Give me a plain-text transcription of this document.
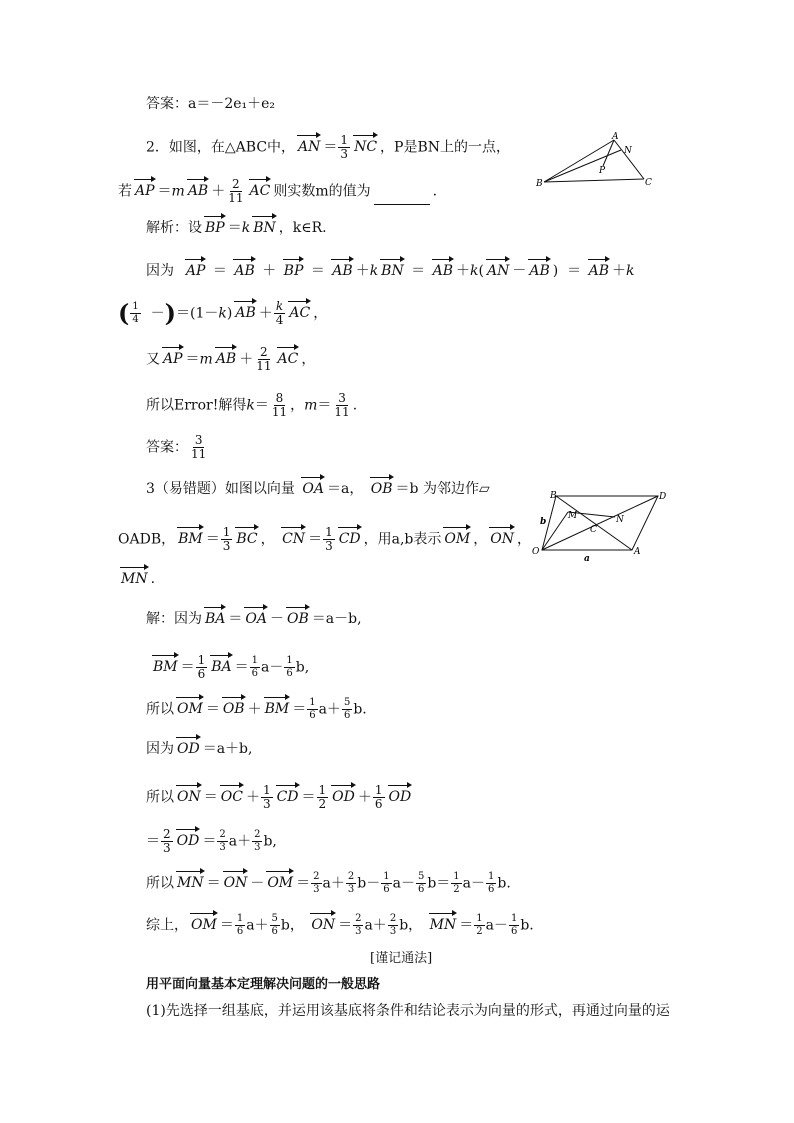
答案：a＝－2e₁＋e₂
2．如图，在△ABC中， AN ＝ $\frac{1}{3}$ NC ，P是BN上的一点，
若 AP ＝m AB ＋ $\frac{2}{11}$ AC 则实数m的值为	.
A
N
P
B	C
解析：设 BP ＝k BN ，k∈R.
因为 AP ＝ AB ＋ BP ＝ AB ＋k BN ＝ AB ＋k( AN － AB )  ＝ AB ＋k
( $\frac{1}{4} -)=(1-k)$ AB ＋ $\frac{k}{4}$ AC ，
又 AP ＝m AB ＋ $\frac{2}{11}$ AC ，
所以Error!解得$k= \frac{8}{11}$ ，$m= \frac{3}{11}$ .
答案： $\frac{3}{11}$
3（易错题）如图以向量 OA ＝a， OB ＝b 为邻边作▱
OADB， BM ＝ $\frac{1}{3}$ BC ， CN ＝ $\frac{1}{3}$ CD ，用a,b表示 OM ， ON ，
MN .
B	D
M	N
C
O	A
a
b
解：因为 BA ＝ OA － OB ＝a－b,
BM ＝ $\frac{1}{6}$ BA ＝ $\frac{1}{6} a- \frac{1}{6} b$,
所以 OM ＝ OB ＋ BM ＝ $\frac{1}{6} a+ \frac{5}{6} b$.
因为 OD ＝a＋b,
所以 ON ＝ OC ＋ $\frac{1}{3}$ CD ＝ $\frac{1}{2}$ OD ＋ $\frac{1}{6}$ OD
＝ $\frac{2}{3}$ OD ＝ $\frac{2}{3} a+ \frac{2}{3} b$,
所以 MN ＝ ON － OM ＝ $\frac{2}{3} a+ \frac{2}{3} b- \frac{1}{6} a- \frac{5}{6} b= \frac{1}{2} a- \frac{1}{6} b$.
综上， OM ＝ $\frac{1}{6} a+ \frac{5}{6}$ b， ON ＝ $\frac{2}{3} a+ \frac{2}{3}$ b， MN ＝ $\frac{1}{2} a- \frac{1}{6} b$.
[谨记通法]
用平面向量基本定理解决问题的一般思路
(1)先选择一组基底，并运用该基底将条件和结论表示为向量的形式，再通过向量的运
